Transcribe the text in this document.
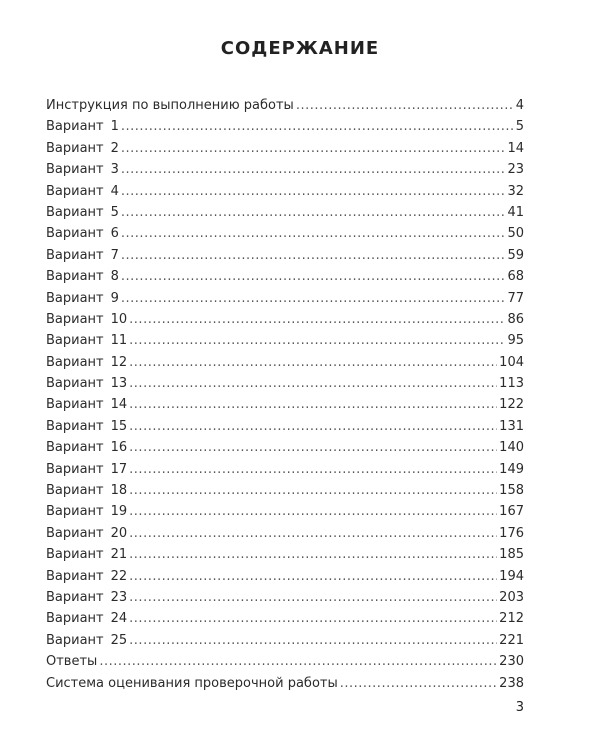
СОДЕРЖАНИЕ
Инструкция по выполнению работы .....	4
Вариант 1 .....	5
Вариант 2 .....	14
Вариант 3 .....	23
Вариант 4 .....	32
Вариант 5 .....	41
Вариант 6 .....	50
Вариант 7 .....	59
Вариант 8 .....	68
Вариант 9 .....	77
Вариант 10 .....	86
Вариант 11 .....	95
Вариант 12 .....	104
Вариант 13 .....	113
Вариант 14 .....	122
Вариант 15 .....	131
Вариант 16 .....	140
Вариант 17 .....	149
Вариант 18 .....	158
Вариант 19 .....	167
Вариант 20 .....	176
Вариант 21 .....	185
Вариант 22 .....	194
Вариант 23 .....	203
Вариант 24 .....	212
Вариант 25 .....	221
Ответы .....	230
Система оценивания проверочной работы .....	238
3
